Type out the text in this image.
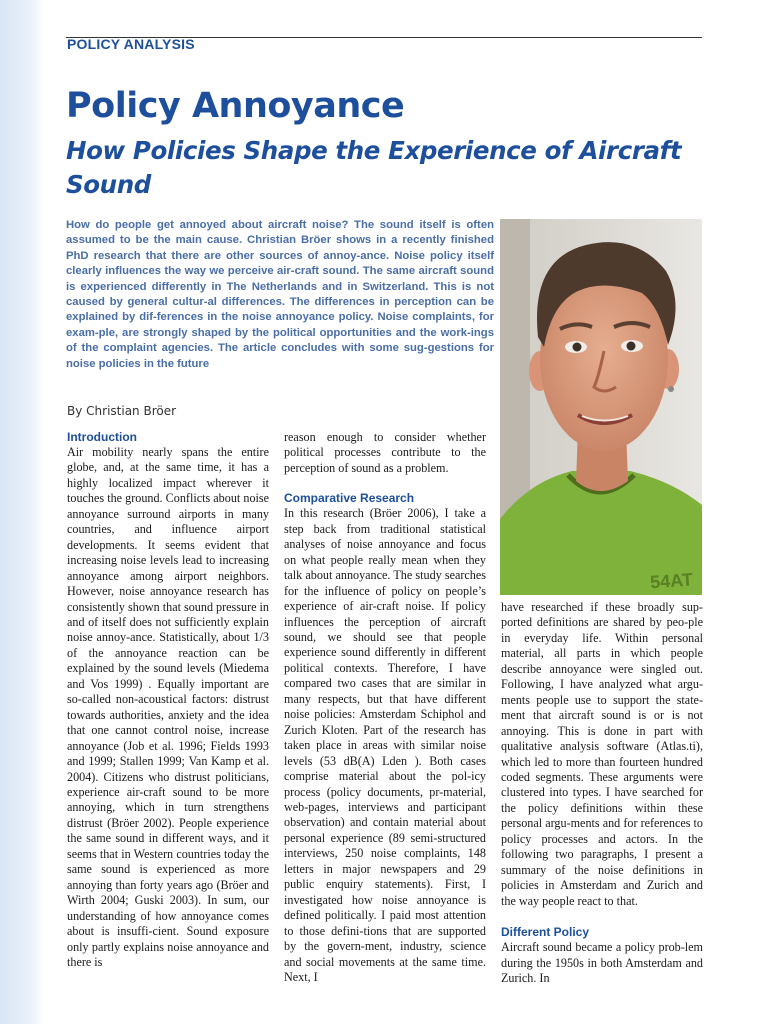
POLICY ANALYSIS
Policy Annoyance
How Policies Shape the Experience of Aircraft Sound

How do people get annoyed about aircraft noise? The sound itself is often assumed to be the main cause. Christian Bröer shows in a recently finished PhD research that there are other sources of annoy-ance. Noise policy itself clearly influences the way we perceive air-craft sound. The same aircraft sound is experienced differently in The Netherlands and in Switzerland. This is not caused by general cultur-al differences. The differences in perception can be explained by dif-ferences in the noise annoyance policy. Noise complaints, for exam-ple, are strongly shaped by the political opportunities and the work-ings of the complaint agencies. The article concludes with some sug-gestions for noise policies in the future

By Christian Bröer

54AT
Introduction

Air mobility nearly spans the entire globe, and, at the same time, it has a highly localized impact wherever it touches the ground. Conflicts about noise annoyance surround airports in many countries, and influence airport developments. It seems evident that increasing noise levels lead to increasing annoyance among airport neighbors. However, noise annoyance research has consistently shown that sound pressure in and of itself does not sufficiently explain noise annoy-ance. Statistically, about 1/3 of the annoyance reaction can be explained by the sound levels (Miedema and Vos 1999) . Equally important are so-called non-acoustical factors: distrust towards authorities, anxiety and the idea that one cannot control noise, increase annoyance (Job et al. 1996; Fields 1993 and 1999; Stallen 1999; Van Kamp et al. 2004). Citizens who distrust politicians, experience air-craft sound to be more annoying, which in turn strengthens distrust (Bröer 2002). People experience the same sound in different ways, and it seems that in Western countries today the same sound is experienced as more annoying than forty years ago (Bröer and Wirth 2004; Guski 2003). In sum, our understanding of how annoyance comes about is insuffi-cient. Sound exposure only partly explains noise annoyance and there is

reason enough to consider whether political processes contribute to the perception of sound as a problem.

Comparative Research

In this research (Bröer 2006), I take a step back from traditional statistical analyses of noise annoyance and focus on what people really mean when they talk about annoyance. The study searches for the influence of policy on people’s experience of air-craft noise. If policy influences the perception of aircraft sound, we should see that people experience sound differently in different political contexts. Therefore, I have compared two cases that are similar in many respects, but that have different noise policies: Amsterdam Schiphol and Zurich Kloten. Part of the research has taken place in areas with similar noise levels (53 dB(A) Lden ). Both cases comprise material about the pol-icy process (policy documents, pr-material, web-pages, interviews and participant observation) and contain material about personal experience (89 semi-structured interviews, 250 noise complaints, 148 letters in major newspapers and 29 public enquiry statements). First, I investigated how noise annoyance is defined politically. I paid most attention to those defini-tions that are supported by the govern-ment, industry, science and social movements at the same time. Next, I

have researched if these broadly sup-ported definitions are shared by peo-ple in everyday life. Within personal material, all parts in which people describe annoyance were singled out. Following, I have analyzed what argu-ments people use to support the state-ment that aircraft sound is or is not annoying. This is done in part with qualitative analysis software (Atlas.ti), which led to more than fourteen hundred coded segments. These arguments were clustered into types. I have searched for the policy definitions within these personal argu-ments and for references to policy processes and actors. In the following two paragraphs, I present a summary of the noise definitions in policies in Amsterdam and Zurich and the way people react to that.

Different Policy

Aircraft sound became a policy prob-lem during the 1950s in both Amsterdam and Zurich. In
